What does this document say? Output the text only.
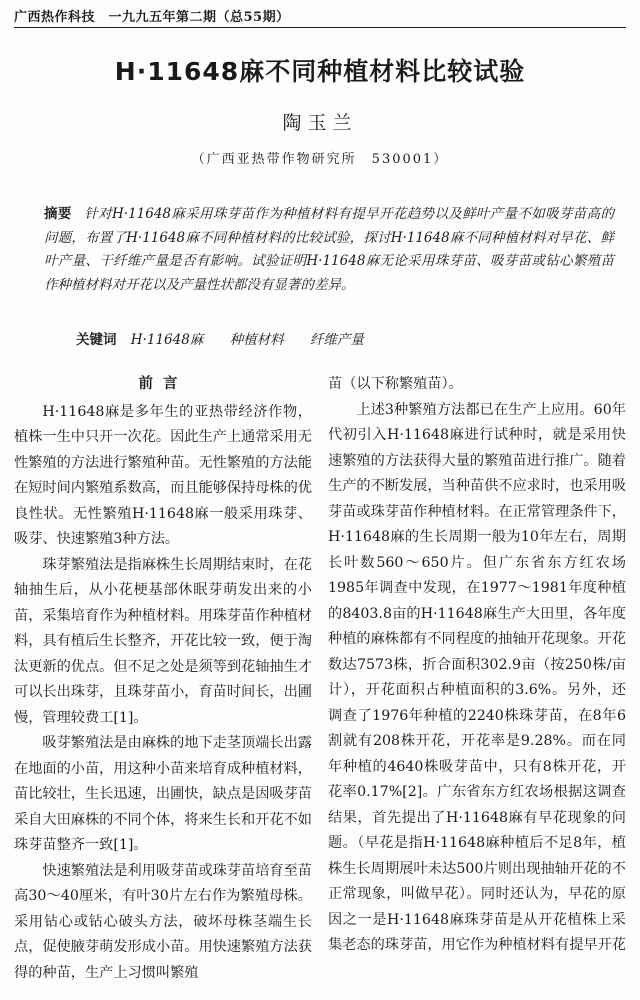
广西热作科技　一九九五年第二期（总55期）
H·11648麻不同种植材料比较试验
陶玉兰
（广西亚热带作物研究所　530001）
摘要 针对H·11648麻采用珠芽苗作为种植材料有提早开花趋势以及鲜叶产量不如吸芽苗高的问题，布置了H·11648麻不同种植材料的比较试验，探讨H·11648麻不同种植材料对早花、鲜叶产量、干纤维产量是否有影响。试验证明H·11648麻无论采用珠芽苗、吸芽苗或钻心繁殖苗作种植材料对开花以及产量性状都没有显著的差异。
关键词 H·11648麻 种植材料 纤维产量
前言

H·11648麻是多年生的亚热带经济作物，植株一生中只开一次花。因此生产上通常采用无性繁殖的方法进行繁殖种苗。无性繁殖的方法能在短时间内繁殖系数高，而且能够保持母株的优良性状。无性繁殖H·11648麻一般采用珠芽、吸芽、快速繁殖3种方法。

珠芽繁殖法是指麻株生长周期结束时，在花轴抽生后，从小花梗基部休眠芽萌发出来的小苗，采集培育作为种植材料。用珠芽苗作种植材料，具有植后生长整齐，开花比较一致，便于淘汰更新的优点。但不足之处是须等到花轴抽生才可以长出珠芽，且珠芽苗小，育苗时间长，出圃慢，管理较费工[1]。

吸芽繁殖法是由麻株的地下走茎顶端长出露在地面的小苗，用这种小苗来培育成种植材料，苗比较壮，生长迅速，出圃快，缺点是因吸芽苗采自大田麻株的不同个体，将来生长和开花不如珠芽苗整齐一致[1]。

快速繁殖法是利用吸芽苗或珠芽苗培育至苗高30～40厘米，有叶30片左右作为繁殖母株。采用钻心或钻心破头方法，破坏母株茎端生长点，促使腋芽萌发形成小苗。用快速繁殖方法获得的种苗，生产上习惯叫繁殖

苗（以下称繁殖苗）。

上述3种繁殖方法都已在生产上应用。60年代初引入H·11648麻进行试种时，就是采用快速繁殖的方法获得大量的繁殖苗进行推广。随着生产的不断发展，当种苗供不应求时，也采用吸芽苗或珠芽苗作种植材料。在正常管理条件下，H·11648麻的生长周期一般为10年左右，周期长叶数560～650片。但广东省东方红农场1985年调查中发现，在1977～1981年度种植的8403.8亩的H·11648麻生产大田里，各年度种植的麻株都有不同程度的抽轴开花现象。开花数达7573株，折合面积302.9亩（按250株/亩计），开花面积占种植面积的3.6%。另外，还调查了1976年种植的2240株珠芽苗，在8年6割就有208株开花，开花率是9.28%。而在同年种植的4640株吸芽苗中，只有8株开花，开花率0.17%[2]。广东省东方红农场根据这调查结果，首先提出了H·11648麻有早花现象的问题。（早花是指H·11648麻种植后不足8年，植株生长周期展叶未达500片则出现抽轴开花的不正常现象，叫做早花）。同时还认为，早花的原因之一是H·11648麻珠芽苗是从开花植株上采集老态的珠芽苗，用它作为种植材料有提早开花
